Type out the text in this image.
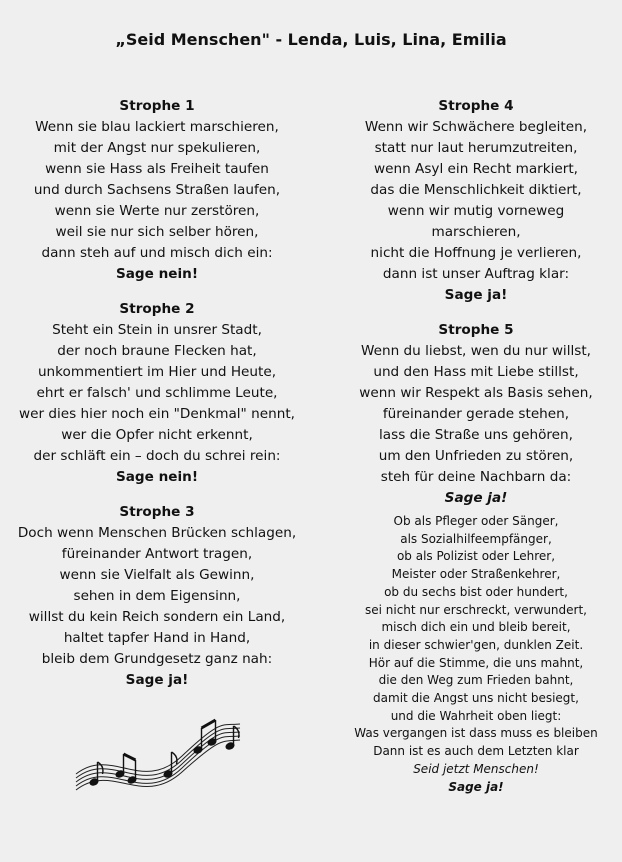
„Seid Menschen" - Lenda, Luis, Lina, Emilia
Strophe 1
Wenn sie blau lackiert marschieren,
mit der Angst nur spekulieren,
wenn sie Hass als Freiheit taufen
und durch Sachsens Straßen laufen,
wenn sie Werte nur zerstören,
weil sie nur sich selber hören,
dann steh auf und misch dich ein:
Sage nein!
Strophe 2
Steht ein Stein in unsrer Stadt,
der noch braune Flecken hat,
unkommentiert im Hier und Heute,
ehrt er falsch' und schlimme Leute,
wer dies hier noch ein "Denkmal" nennt,
wer die Opfer nicht erkennt,
der schläft ein – doch du schrei rein:
Sage nein!
Strophe 3
Doch wenn Menschen Brücken schlagen,
füreinander Antwort tragen,
wenn sie Vielfalt als Gewinn,
sehen in dem Eigensinn,
willst du kein Reich sondern ein Land,
haltet tapfer Hand in Hand,
bleib dem Grundgesetz ganz nah:
Sage ja!
Strophe 4
Wenn wir Schwächere begleiten,
statt nur laut herumzutreiten,
wenn Asyl ein Recht markiert,
das die Menschlichkeit diktiert,
wenn wir mutig vorneweg
marschieren,
nicht die Hoffnung je verlieren,
dann ist unser Auftrag klar:
Sage ja!
Strophe 5
Wenn du liebst, wen du nur willst,
und den Hass mit Liebe stillst,
wenn wir Respekt als Basis sehen,
füreinander gerade stehen,
lass die Straße uns gehören,
um den Unfrieden zu stören,
steh für deine Nachbarn da:
Sage ja!
Ob als Pfleger oder Sänger,
als Sozialhilfeempfänger,
ob als Polizist oder Lehrer,
Meister oder Straßenkehrer,
ob du sechs bist oder hundert,
sei nicht nur erschreckt, verwundert,
misch dich ein und bleib bereit,
in dieser schwier'gen, dunklen Zeit.
Hör auf die Stimme, die uns mahnt,
die den Weg zum Frieden bahnt,
damit die Angst uns nicht besiegt,
und die Wahrheit oben liegt:
Was vergangen ist dass muss es bleiben
Dann ist es auch dem Letzten klar
Seid jetzt Menschen!
Sage ja!
